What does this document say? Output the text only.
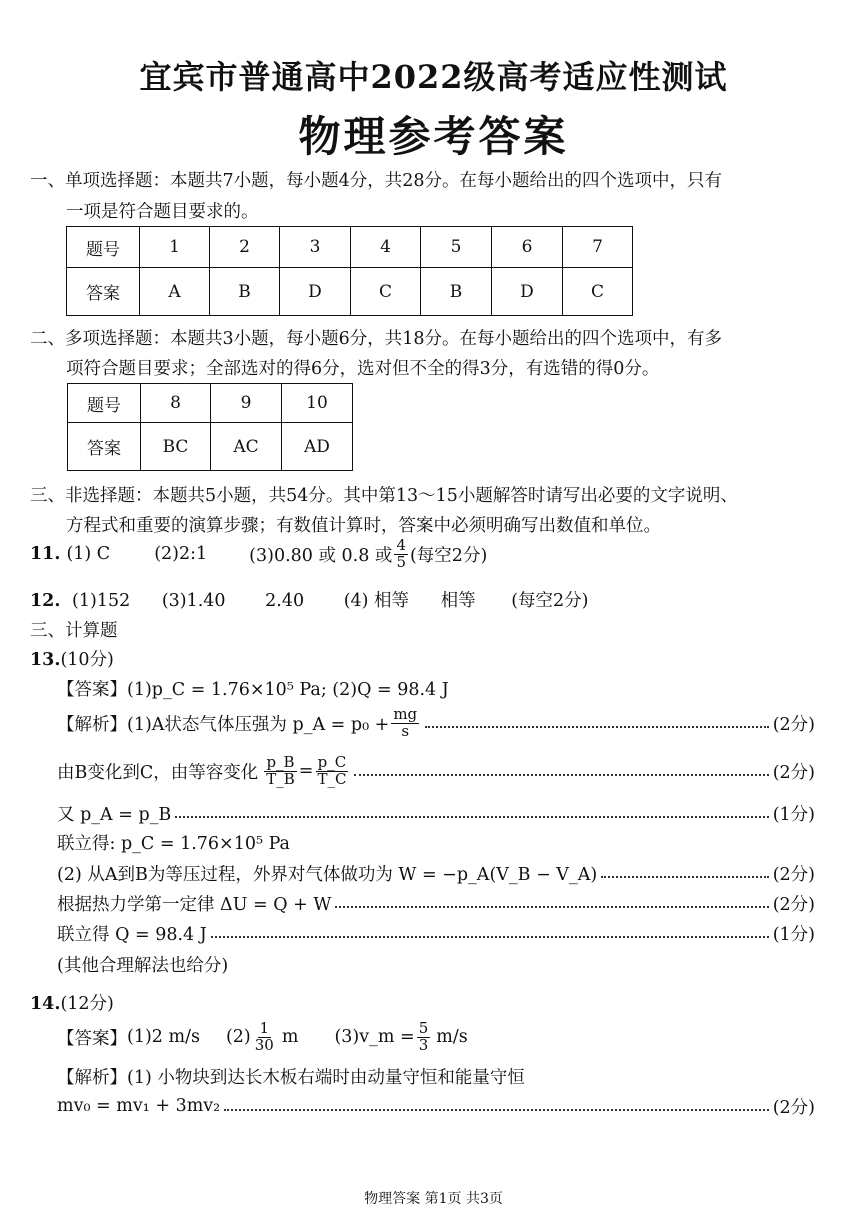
宜宾市普通高中2022级高考适应性测试
物理参考答案
一、单项选择题：本题共7小题，每小题4分，共28分。在每小题给出的四个选项中，只有
一项是符合题目要求的。
题号	1	2	3	4	5	6	7
答案	A	B	D	C	B	D	C
二、多项选择题：本题共3小题，每小题6分，共18分。在每小题给出的四个选项中，有多
项符合题目要求；全部选对的得6分，选对但不全的得3分，有选错的得0分。
题号	8	9	10
答案	BC	AC	AD
三、非选择题：本题共5小题，共54分。其中第13～15小题解答时请写出必要的文字说明、
方程式和重要的演算步骤；有数值计算时，答案中必须明确写出数值和单位。
11. (1) C	(2)2:1 (3)0.80 或 0.8 或 $\frac{4}{5}$ (每空2分)
12. (1)152 (3)1.40 2.40 (4) 相等 相等 (每空2分)
三、计算题
13.(10分)
【答案】(1)p_C = 1.76×10⁵ Pa; (2)Q = 98.4 J
【解析】 (1)A状态气体压强为 p_A = $p_0 + \frac{mg}{s}$	(2分)
由B变化到C，由等容变化 $\frac{p\_B}{T\_B} = \frac{p\_C}{T\_C}$	(2分)
又 p_A = p_B	(1分)
联立得: p_C = 1.76×10⁵ Pa
(2) 从A到B为等压过程，外界对气体做功为 W = −p_A(V_B − V_A)	(2分)
根据热力学第一定律 ΔU = Q + W	(2分)
联立得 Q = 98.4 J	(1分)
(其他合理解法也给分)
14.(12分)
【答案】 (1)2 m/s $(2) \frac{1}{30}$ m (3)v_m = $\frac{5}{3} m/s$
【解析】(1) 小物块到达长木板右端时由动量守恒和能量守恒
mv₀ = mv₁ + 3mv₂	(2分)
物理答案 第1页 共3页
